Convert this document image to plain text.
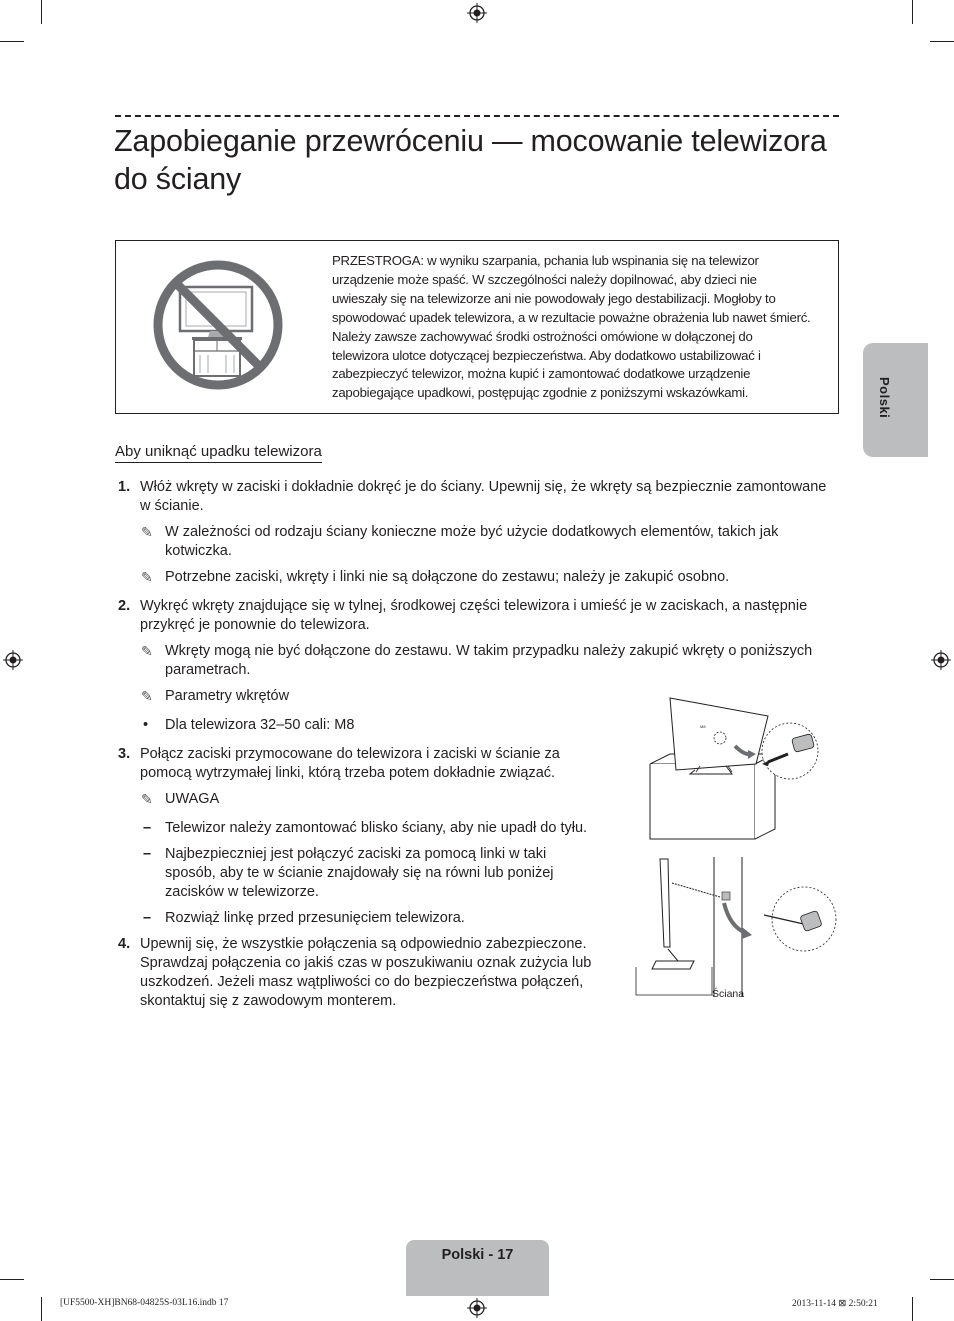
Zapobieganie przewróceniu — mocowanie telewizora do ściany
PRZESTROGA: w wyniku szarpania, pchania lub wspinania się na telewizor urządzenie może spaść. W szczególności należy dopilnować, aby dzieci nie uwieszały się na telewizorze ani nie powodowały jego destabilizacji. Mogłoby to spowodować upadek telewizora, a w rezultacie poważne obrażenia lub nawet śmierć. Należy zawsze zachowywać środki ostrożności omówione w dołączonej do telewizora ulotce dotyczącej bezpieczeństwa. Aby dodatkowo ustabilizować i zabezpieczyć telewizor, można kupić i zamontować dodatkowe urządzenie zapobiegające upadkowi, postępując zgodnie z poniższymi wskazówkami.
Aby uniknąć upadku telewizora
1. Włóż wkręty w zaciski i dokładnie dokręć je do ściany. Upewnij się, że wkręty są bezpiecznie zamontowane w ścianie.
✎ W zależności od rodzaju ściany konieczne może być użycie dodatkowych elementów, takich jak kotwiczka.
✎ Potrzebne zaciski, wkręty i linki nie są dołączone do zestawu; należy je zakupić osobno.
2. Wykręć wkręty znajdujące się w tylnej, środkowej części telewizora i umieść je w zaciskach, a następnie przykręć je ponownie do telewizora.
✎ Wkręty mogą nie być dołączone do zestawu. W takim przypadku należy zakupić wkręty o poniższych parametrach.
✎ Parametry wkrętów
• Dla telewizora 32–50 cali: M8
3. Połącz zaciski przymocowane do telewizora i zaciski w ścianie za pomocą wytrzymałej linki, którą trzeba potem dokładnie związać.
✎ UWAGA
– Telewizor należy zamontować blisko ściany, aby nie upadł do tyłu.
– Najbezpieczniej jest połączyć zaciski za pomocą linki w taki sposób, aby te w ścianie znajdowały się na równi lub poniżej zacisków w telewizorze.
– Rozwiąż linkę przed przesunięciem telewizora.
4. Upewnij się, że wszystkie połączenia są odpowiednio zabezpieczone. Sprawdzaj połączenia co jakiś czas w poszukiwaniu oznak zużycia lub uszkodzeń. Jeżeli masz wątpliwości co do bezpieczeństwa połączeń, skontaktuj się z zawodowym monterem.
M8
Ściana
Polski
Polski - 17
[UF5500-XH]BN68-04825S-03L16.indb 17	2013-11-14 ⊠ 2:50:21
